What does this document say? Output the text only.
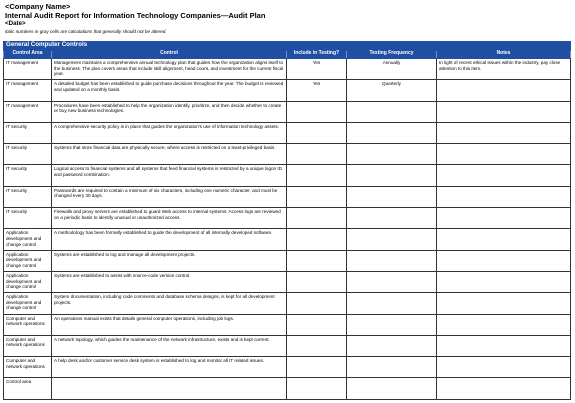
<Company Name>
Internal Audit Report for Information Technology Companies—Audit Plan
<Date>
Italic numbers in gray cells are calculations that generally should not be altered.
General Computer Controls				
Control Area	Control	Include in Testing?	Testing Frequency	Notes
IT management	Management maintains a comprehensive annual technology plan that guides how the organization aligns itself to the business. The plan covers areas that include skill alignment, head count, and investment for the current fiscal year.	Yes	Annually	In light of recent ethical issues within the industry, pay close attention to this item.
IT management	A detailed budget has been established to guide purchase decisions throughout the year. The budget is reviewed and updated on a monthly basis.	Yes	Quarterly	
IT management	Procedures have been established to help the organization identify, prioritize, and then decide whether to create or buy new business technologies.			
IT security	A comprehensive security policy is in place that guides the organization's use of information technology assets.			
IT security	Systems that store financial data are physically secure, where access is restricted on a least-privileged basis.			
IT security	Logical access to financial systems and all systems that feed financial systems is restricted by a unique logon ID and password combination.			
IT security	Passwords are required to contain a minimum of six characters, including one numeric character, and must be changed every 30 days.			
IT security	Firewalls and proxy servers are established to guard Web access to internal systems. Access logs are reviewed on a periodic basis to identify unusual or unauthorized access.			
Application development and change control	A methodology has been formally established to guide the development of all internally developed software.			
Application development and change control	Systems are established to log and manage all development projects.			
Application development and change control	Systems are established to assist with source-code version control.			
Application development and change control	System documentation, including code comments and database schema designs, is kept for all development projects.			
Computer and network operations	An operations manual exists that details general computer operations, including job logs.			
Computer and network operations	A network topology, which guides the maintenance of the network infrastructure, exists and is kept current.			
Computer and network operations	A help desk and/or customer service desk system is established to log and monitor all IT related issues.			
Control area				
